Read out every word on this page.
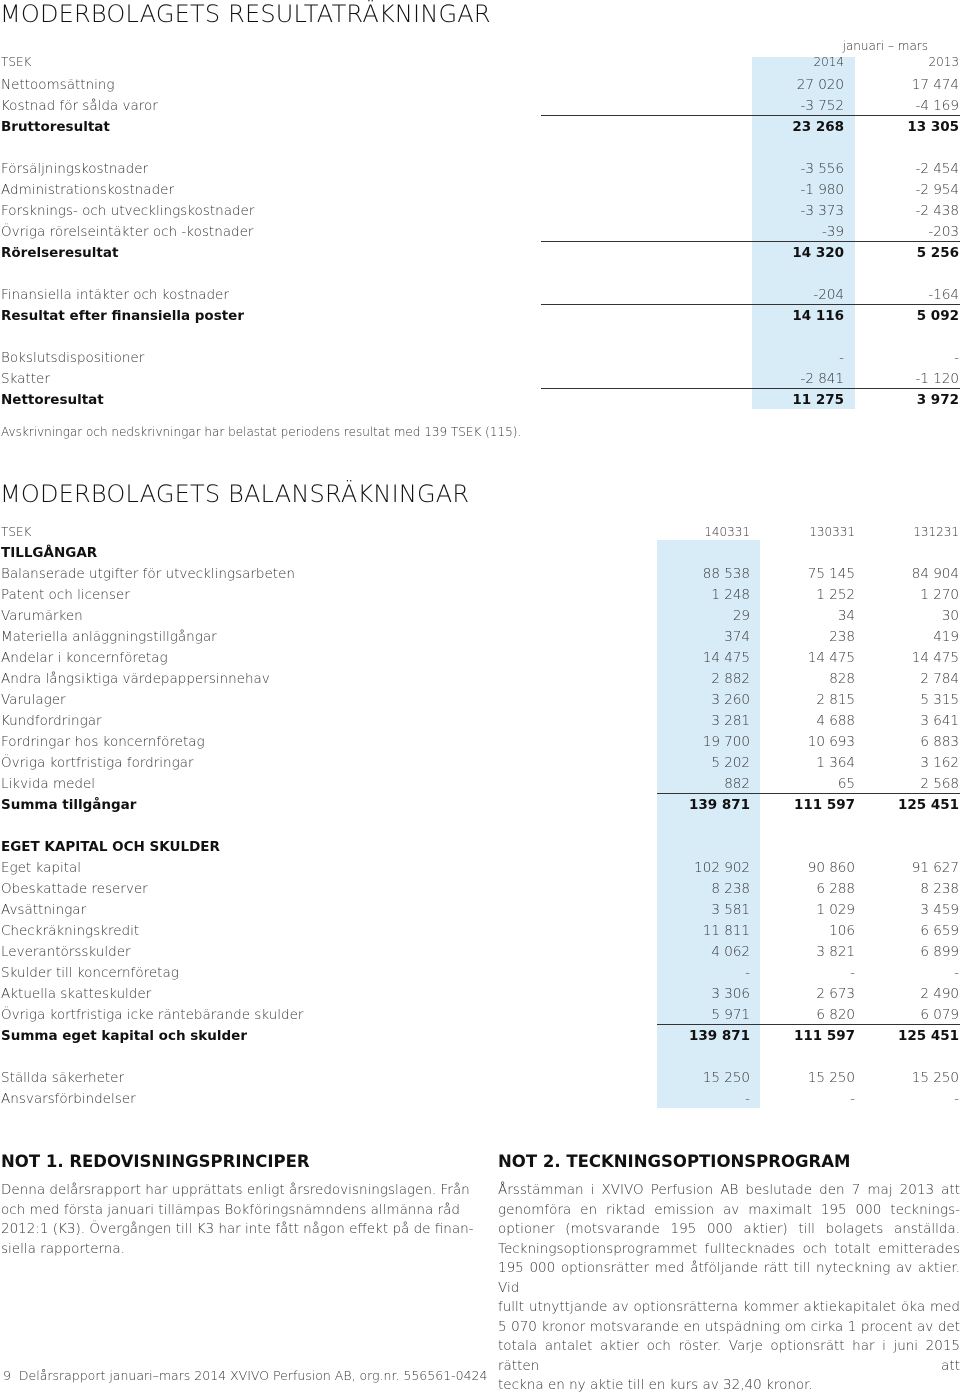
MODERBOLAGETS RESULTATRÄKNINGAR
MODERBOLAGETS BALANSRÄKNINGAR
januari – mars
TSEK	2014	2013
Nettoomsättning	27 020	17 474
Kostnad för sålda varor	-3 752	-4 169
Bruttoresultat	23 268	13 305
Försäljningskostnader	-3 556	-2 454
Administrationskostnader	-1 980	-2 954
Forsknings- och utvecklingskostnader	-3 373	-2 438
Övriga rörelseintäkter och -kostnader	-39	-203
Rörelseresultat	14 320	5 256
Finansiella intäkter och kostnader	-204	-164
Resultat efter finansiella poster	14 116	5 092
Bokslutsdispositioner	-	-
Skatter	-2 841	-1 120
Nettoresultat	11 275	3 972
Avskrivningar och nedskrivningar har belastat periodens resultat med 139 TSEK (115).
TSEK	140331	130331	131231
TILLGÅNGAR
EGET KAPITAL OCH SKULDER
Balanserade utgifter för utvecklingsarbeten	88 538	75 145	84 904
Patent och licenser	1 248	1 252	1 270
Varumärken	29	34	30
Materiella anläggningstillgångar	374	238	419
Andelar i koncernföretag	14 475	14 475	14 475
Andra långsiktiga värdepappersinnehav	2 882	828	2 784
Varulager	3 260	2 815	5 315
Kundfordringar	3 281	4 688	3 641
Fordringar hos koncernföretag	19 700	10 693	6 883
Övriga kortfristiga fordringar	5 202	1 364	3 162
Likvida medel	882	65	2 568
Summa tillgångar	139 871	111 597	125 451
Eget kapital	102 902	90 860	91 627
Obeskattade reserver	8 238	6 288	8 238
Avsättningar	3 581	1 029	3 459
Checkräkningskredit	11 811	106	6 659
Leverantörsskulder	4 062	3 821	6 899
Skulder till koncernföretag	-	-	-
Aktuella skatteskulder	3 306	2 673	2 490
Övriga kortfristiga icke räntebärande skulder	5 971	6 820	6 079
Summa eget kapital och skulder	139 871	111 597	125 451
Ställda säkerheter	15 250	15 250	15 250
Ansvarsförbindelser	-	-	-
NOT 1. REDOVISNINGSPRINCIPER
Denna delårsrapport har upprättats enligt årsredovisningslagen. Från
och med första januari tillämpas Bokföringsnämndens allmänna råd
2012:1 (K3). Övergången till K3 har inte fått någon effekt på de finan-
siella rapporterna.
NOT 2. TECKNINGSOPTIONSPROGRAM
Årsstämman i XVIVO Perfusion AB beslutade den 7 maj 2013 att
genomföra en riktad emission av maximalt 195 000 tecknings-
optioner (motsvarande 195 000 aktier) till bolagets anställda.
Teckningsoptionsprogrammet fulltecknades och totalt emitterades
195 000 optionsrätter med åtföljande rätt till nyteckning av aktier. Vid
fullt utnyttjande av optionsrätterna kommer aktiekapitalet öka med
5 070 kronor motsvarande en utspädning om cirka 1 procent av det
totala antalet aktier och röster. Varje optionsrätt har i juni 2015 rätten att
teckna en ny aktie till en kurs av 32,40 kronor.
9 Delårsrapport januari–mars 2014 XVIVO Perfusion AB, org.nr. 556561-0424
